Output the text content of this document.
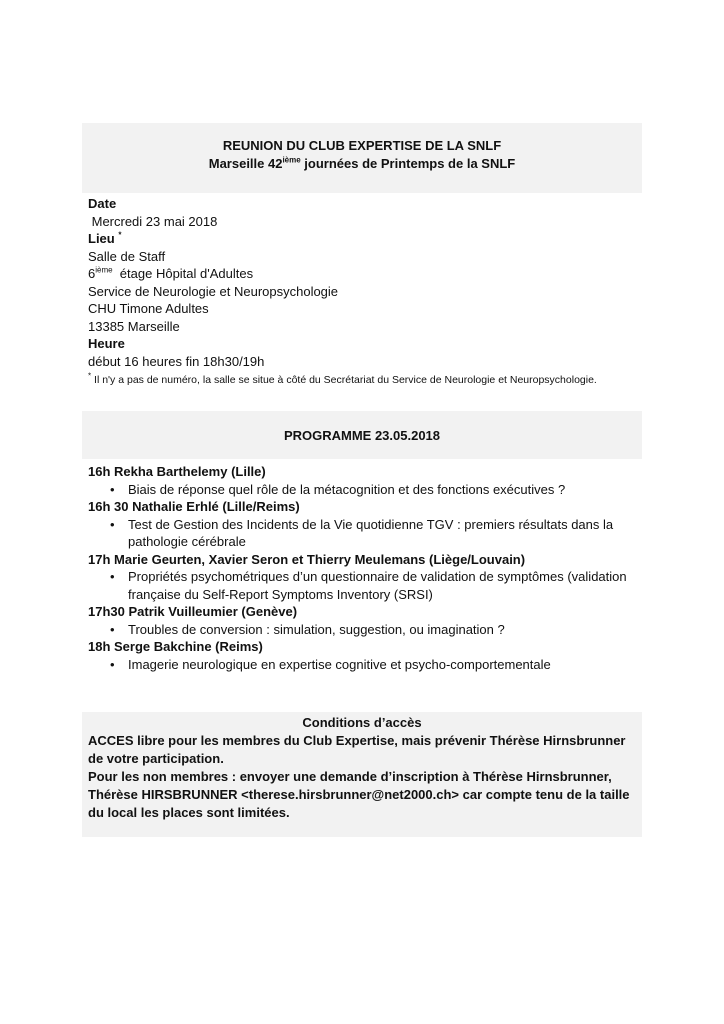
REUNION DU CLUB EXPERTISE DE LA SNLF
Marseille 42ième journées de Printemps de la SNLF
Date
Mercredi 23 mai 2018
Lieu *
Salle de Staff
6ième  étage Hôpital d'Adultes
Service de Neurologie et Neuropsychologie
CHU Timone Adultes
13385 Marseille
Heure
début 16 heures fin 18h30/19h
* Il n'y a pas de numéro, la salle se situe à côté du Secrétariat du Service de Neurologie et Neuropsychologie.
PROGRAMME 23.05.2018
16h Rekha Barthelemy (Lille)
• Biais de réponse quel rôle de la métacognition et des fonctions exécutives ?
16h 30 Nathalie Erhlé (Lille/Reims)
• Test de Gestion des Incidents de la Vie quotidienne TGV : premiers résultats dans la pathologie cérébrale
17h Marie Geurten, Xavier Seron et Thierry Meulemans (Liège/Louvain)
• Propriétés psychométriques d’un questionnaire de validation de symptômes (validation française du Self-Report Symptoms Inventory (SRSI)
17h30 Patrik Vuilleumier (Genève)
• Troubles de conversion : simulation, suggestion, ou imagination ?
18h Serge Bakchine (Reims)
• Imagerie neurologique en expertise cognitive et psycho-comportementale
Conditions d’accès
ACCES libre pour les membres du Club Expertise, mais prévenir Thérèse Hirnsbrunner de votre participation.
Pour les non membres : envoyer une demande d’inscription à Thérèse Hirnsbrunner, Thérèse HIRSBRUNNER <therese.hirsbrunner@net2000.ch> car compte tenu de la taille du local les places sont limitées.
